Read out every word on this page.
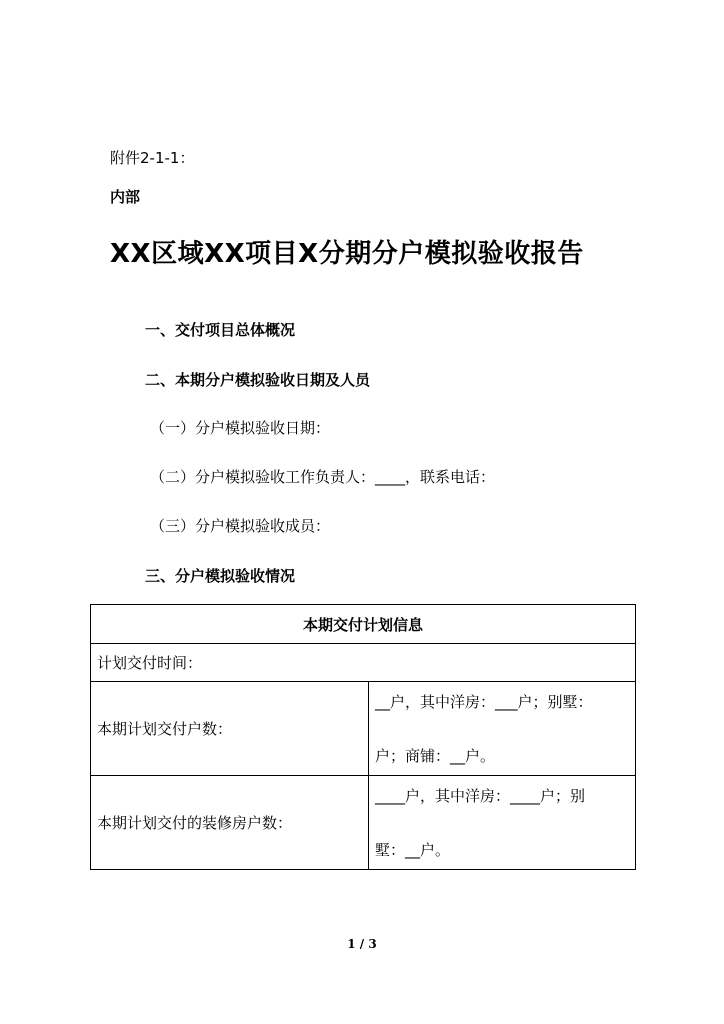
附件2-1-1：
内部
XX区域XX项目X分期分户模拟验收报告
一、交付项目总体概况
二、本期分户模拟验收日期及人员
（一）分户模拟验收日期：
（二）分户模拟验收工作负责人：____，联系电话：
（三）分户模拟验收成员：
三、分户模拟验收情况
本期交付计划信息	
计划交付时间：	
本期计划交付户数：	__户，其中洋房：___户；别墅：
户；商铺：__户。

本期计划交付的装修房户数：	____户，其中洋房：____户；别
墅：__户。
1 / 3
